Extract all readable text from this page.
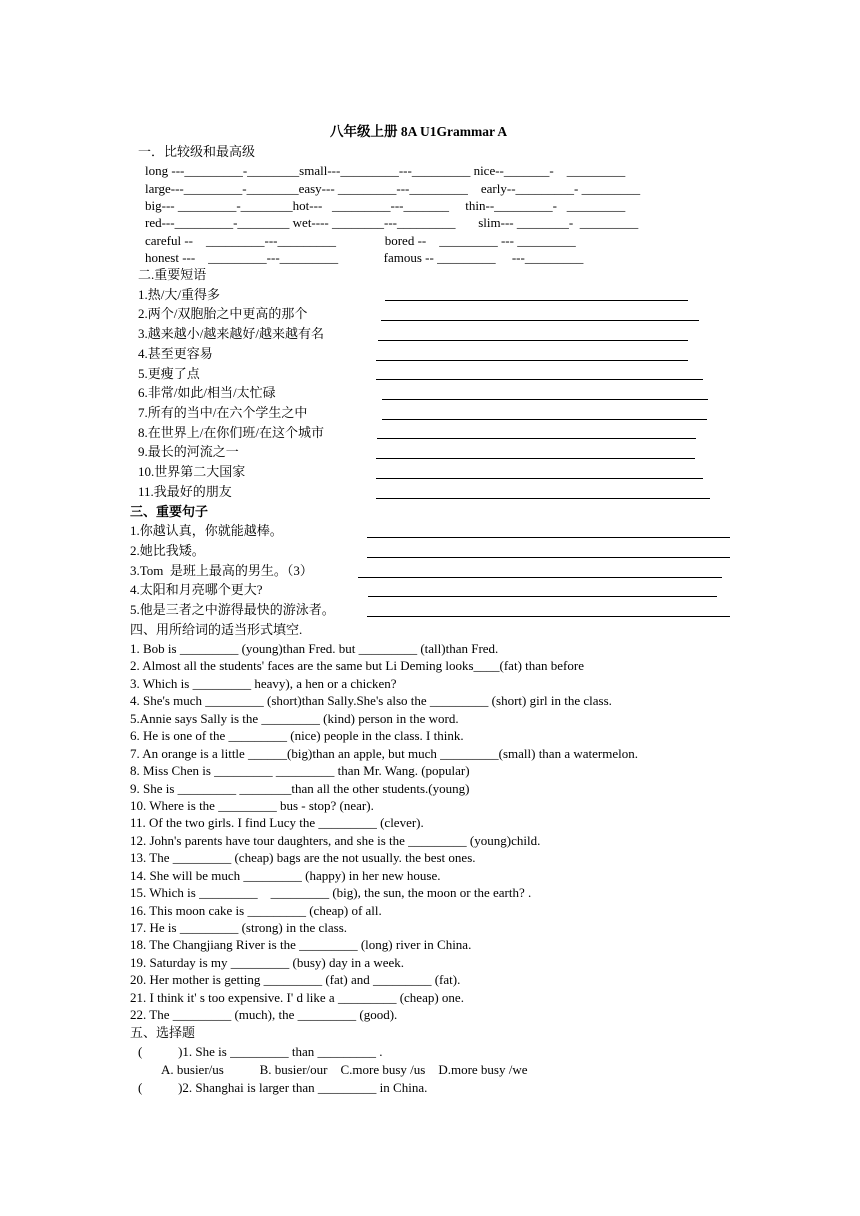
八年级上册 8A U1Grammar A
一．比较级和最高级
long ---_________-________small---_________---_________ nice--_______-    _________
large---_________-________easy--- _________---_________    early--_________- _________
big--- _________-________hot---   _________---_______     thin--_________-   _________
red---_________-________ wet---- ________---_________       slim--- ________-  _________
careful --    _________---_________               bored --    _________ --- _________
honest ---    _________---_________              famous -- _________     ---_________
二.重要短语
1.热/大/重得多
2.两个/双胞胎之中更高的那个
3.越来越小/越来越好/越来越有名
4.甚至更容易
5.更瘦了点
6.非常/如此/相当/太忙碌
7.所有的当中/在六个学生之中
8.在世界上/在你们班/在这个城市
9.最长的河流之一
10.世界第二大国家
11.我最好的朋友
三、重要句子
1.你越认真，你就能越棒。
2.她比我矮。
3.Tom  是班上最高的男生。（3）
4.太阳和月亮哪个更大?
5.他是三者之中游得最快的游泳者。
四、用所给词的适当形式填空.
1. Bob is _________ (young)than Fred. but _________ (tall)than Fred.
2. Almost all the students' faces are the same but Li Deming looks____(fat) than before
3. Which is _________ heavy), a hen or a chicken?
4. She's much _________ (short)than Sally.She's also the _________ (short) girl in the class.
5.Annie says Sally is the _________ (kind) person in the word.
6. He is one of the _________ (nice) people in the class. I think.
7. An orange is a little ______(big)than an apple, but much _________(small) than a watermelon.
8. Miss Chen is _________ _________ than Mr. Wang. (popular)
9. She is _________ ________than all the other students.(young)
10. Where is the _________ bus - stop? (near).
11. Of the two girls. I find Lucy the _________ (clever).
12. John's parents have tour daughters, and she is the _________ (young)child.
13. The _________ (cheap) bags are the not usually. the best ones.
14. She will be much _________ (happy) in her new house.
15. Which is _________    _________ (big), the sun, the moon or the earth? .
16. This moon cake is _________ (cheap) of all.
17. He is _________ (strong) in the class.
18. The Changjiang River is the _________ (long) river in China.
19. Saturday is my _________ (busy) day in a week.
20. Her mother is getting _________ (fat) and _________ (fat).
21. I think it' s too expensive. I' d like a _________ (cheap) one.
22. The _________ (much), the _________ (good).
五、选择题
(           )1. She is _________ than _________ .
A. busier/us           B. busier/our    C.more busy /us    D.more busy /we
(           )2. Shanghai is larger than _________ in China.
